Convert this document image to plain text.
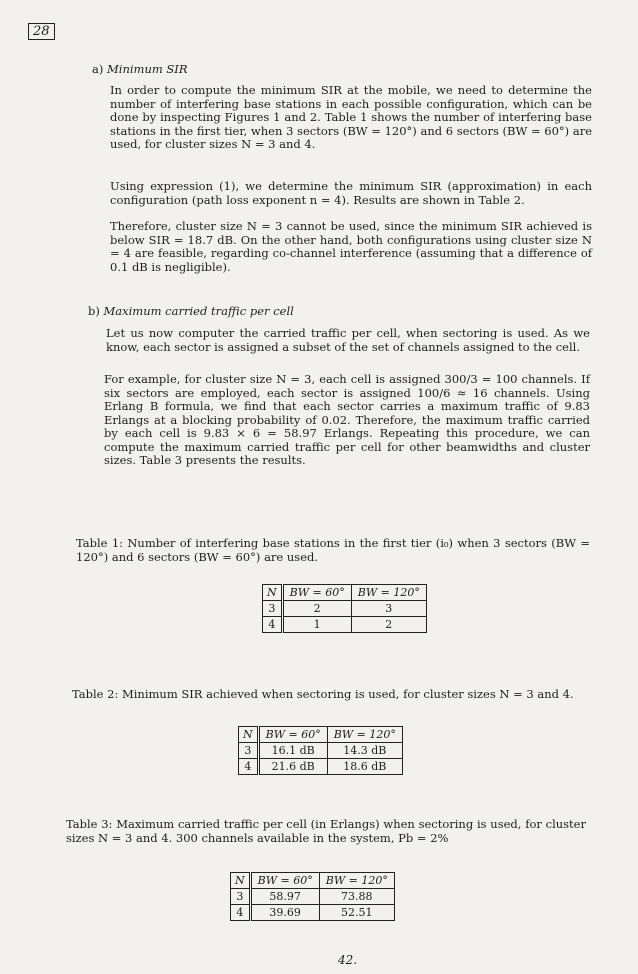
28
a) Minimum SIR
In order to compute the minimum SIR at the mobile, we need to determine the number of interfering base stations in each possible configuration, which can be done by inspecting Figures 1 and 2. Table 1 shows the number of interfering base stations in the first tier, when 3 sectors (BW = 120°) and 6 sectors (BW = 60°) are used, for cluster sizes N = 3 and 4.
Using expression (1), we determine the minimum SIR (approximation) in each configuration (path loss exponent n = 4). Results are shown in Table 2.
Therefore, cluster size N = 3 cannot be used, since the minimum SIR achieved is below SIR = 18.7 dB. On the other hand, both configurations using cluster size N = 4 are feasible, regarding co-channel interference (assuming that a difference of 0.1 dB is negligible).
b) Maximum carried traffic per cell
Let us now computer the carried traffic per cell, when sectoring is used. As we know, each sector is assigned a subset of the set of channels assigned to the cell.
For example, for cluster size N = 3, each cell is assigned 300/3 = 100 channels. If six sectors are employed, each sector is assigned 100/6 ≈ 16 channels. Using Erlang B formula, we find that each sector carries a maximum traffic of 9.83 Erlangs at a blocking probability of 0.02. Therefore, the maximum traffic carried by each cell is 9.83 × 6 = 58.97 Erlangs. Repeating this procedure, we can compute the maximum carried traffic per cell for other beamwidths and cluster sizes. Table 3 presents the results.
Table 1: Number of interfering base stations in the first tier (i₀) when 3 sectors (BW = 120°) and 6 sectors (BW = 60°) are used.
N	BW = 60°	BW = 120°
3	2	3
4	1	2
Table 2: Minimum SIR achieved when sectoring is used, for cluster sizes N = 3 and 4.
N	BW = 60°	BW = 120°
3	16.1 dB	14.3 dB
4	21.6 dB	18.6 dB
Table 3: Maximum carried traffic per cell (in Erlangs) when sectoring is used, for cluster sizes N = 3 and 4. 300 channels available in the system, Pb = 2%
N	BW = 60°	BW = 120°
3	58.97	73.88
4	39.69	52.51
42.
